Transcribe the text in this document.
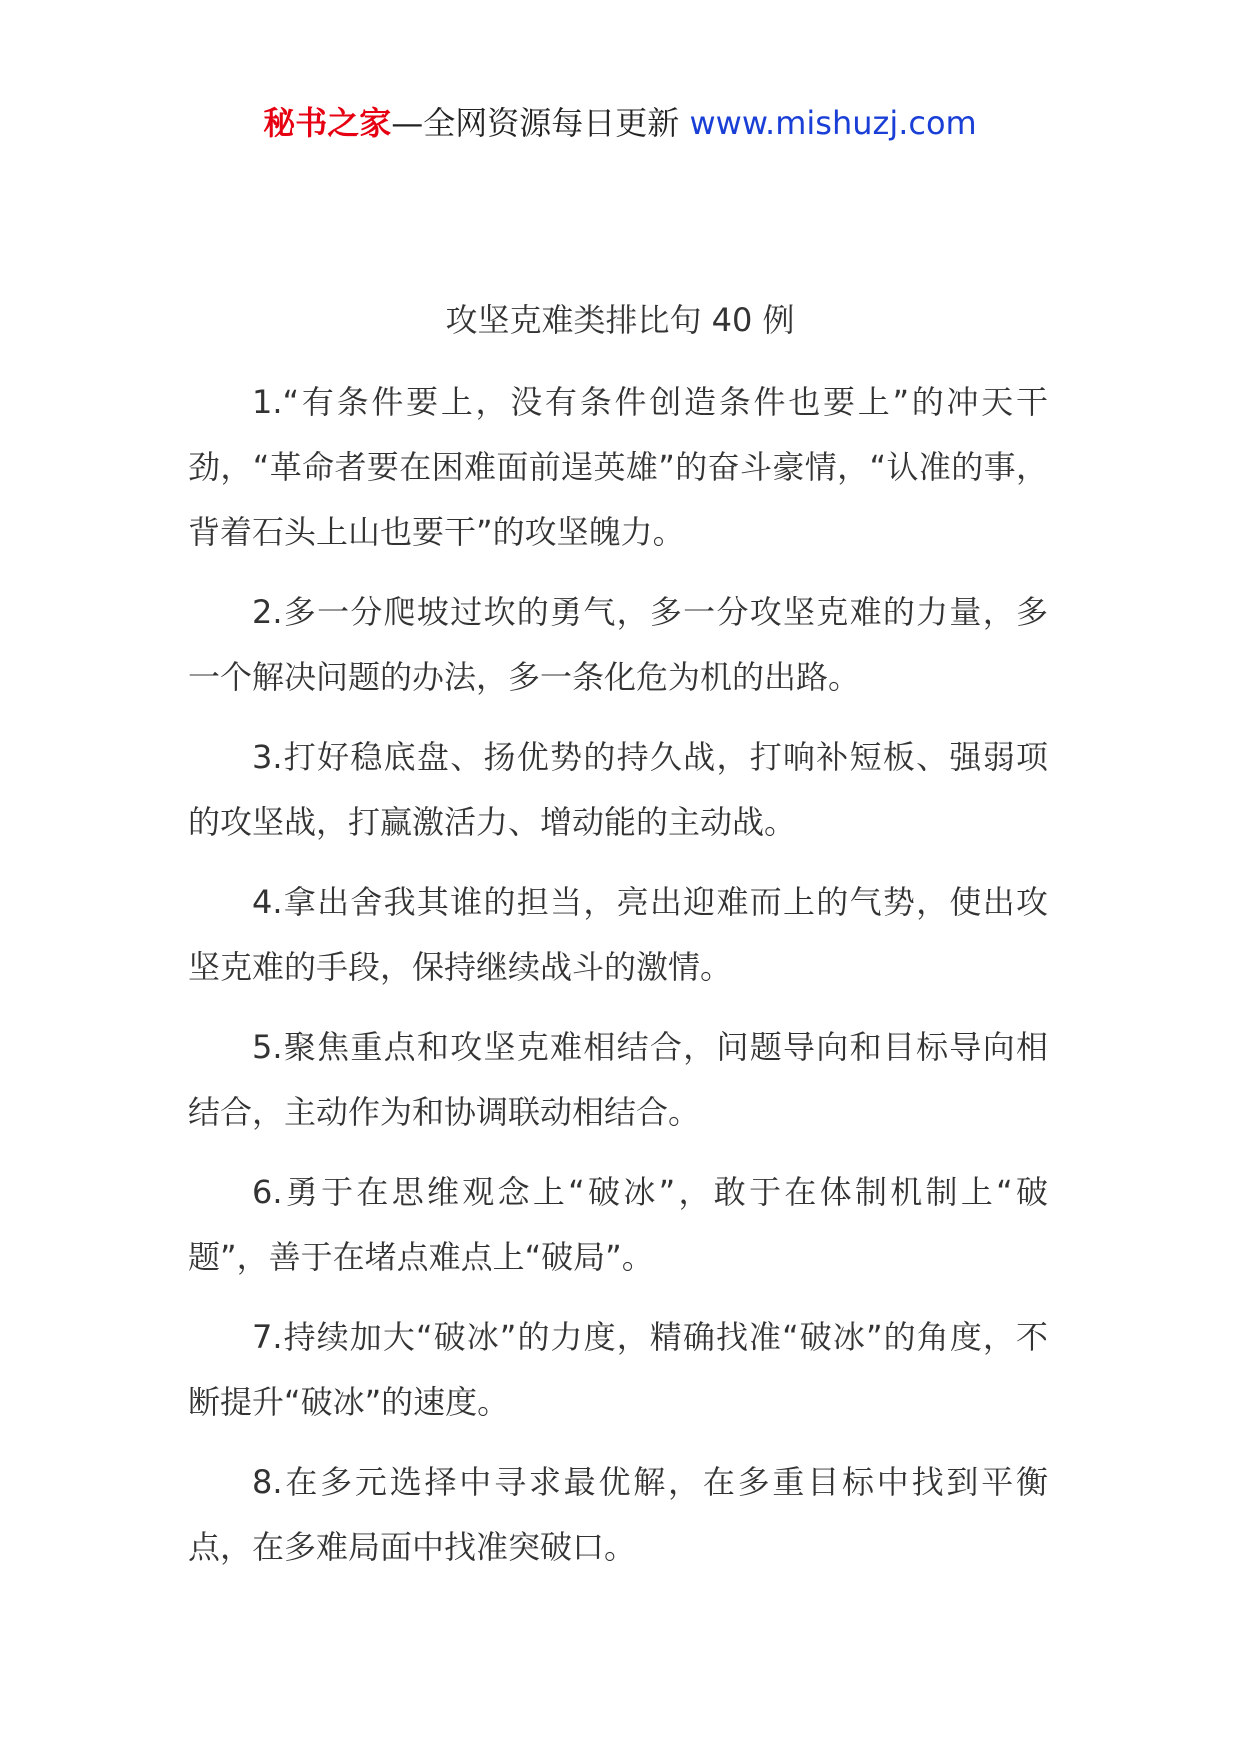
秘书之家—全网资源每日更新 www.mishuzj.com
攻坚克难类排比句 40 例

1.“有条件要上，没有条件创造条件也要上”的冲天干劲，“革命者要在困难面前逞英雄”的奋斗豪情，“认准的事，背着石头上山也要干”的攻坚魄力。

2.多一分爬坡过坎的勇气，多一分攻坚克难的力量，多一个解决问题的办法，多一条化危为机的出路。

3.打好稳底盘、扬优势的持久战，打响补短板、强弱项的攻坚战，打赢激活力、增动能的主动战。

4.拿出舍我其谁的担当，亮出迎难而上的气势，使出攻坚克难的手段，保持继续战斗的激情。

5.聚焦重点和攻坚克难相结合，问题导向和目标导向相结合，主动作为和协调联动相结合。

6.勇于在思维观念上“破冰”，敢于在体制机制上“破题”，善于在堵点难点上“破局”。

7.持续加大“破冰”的力度，精确找准“破冰”的角度，不断提升“破冰”的速度。

8.在多元选择中寻求最优解，在多重目标中找到平衡点，在多难局面中找准突破口。
